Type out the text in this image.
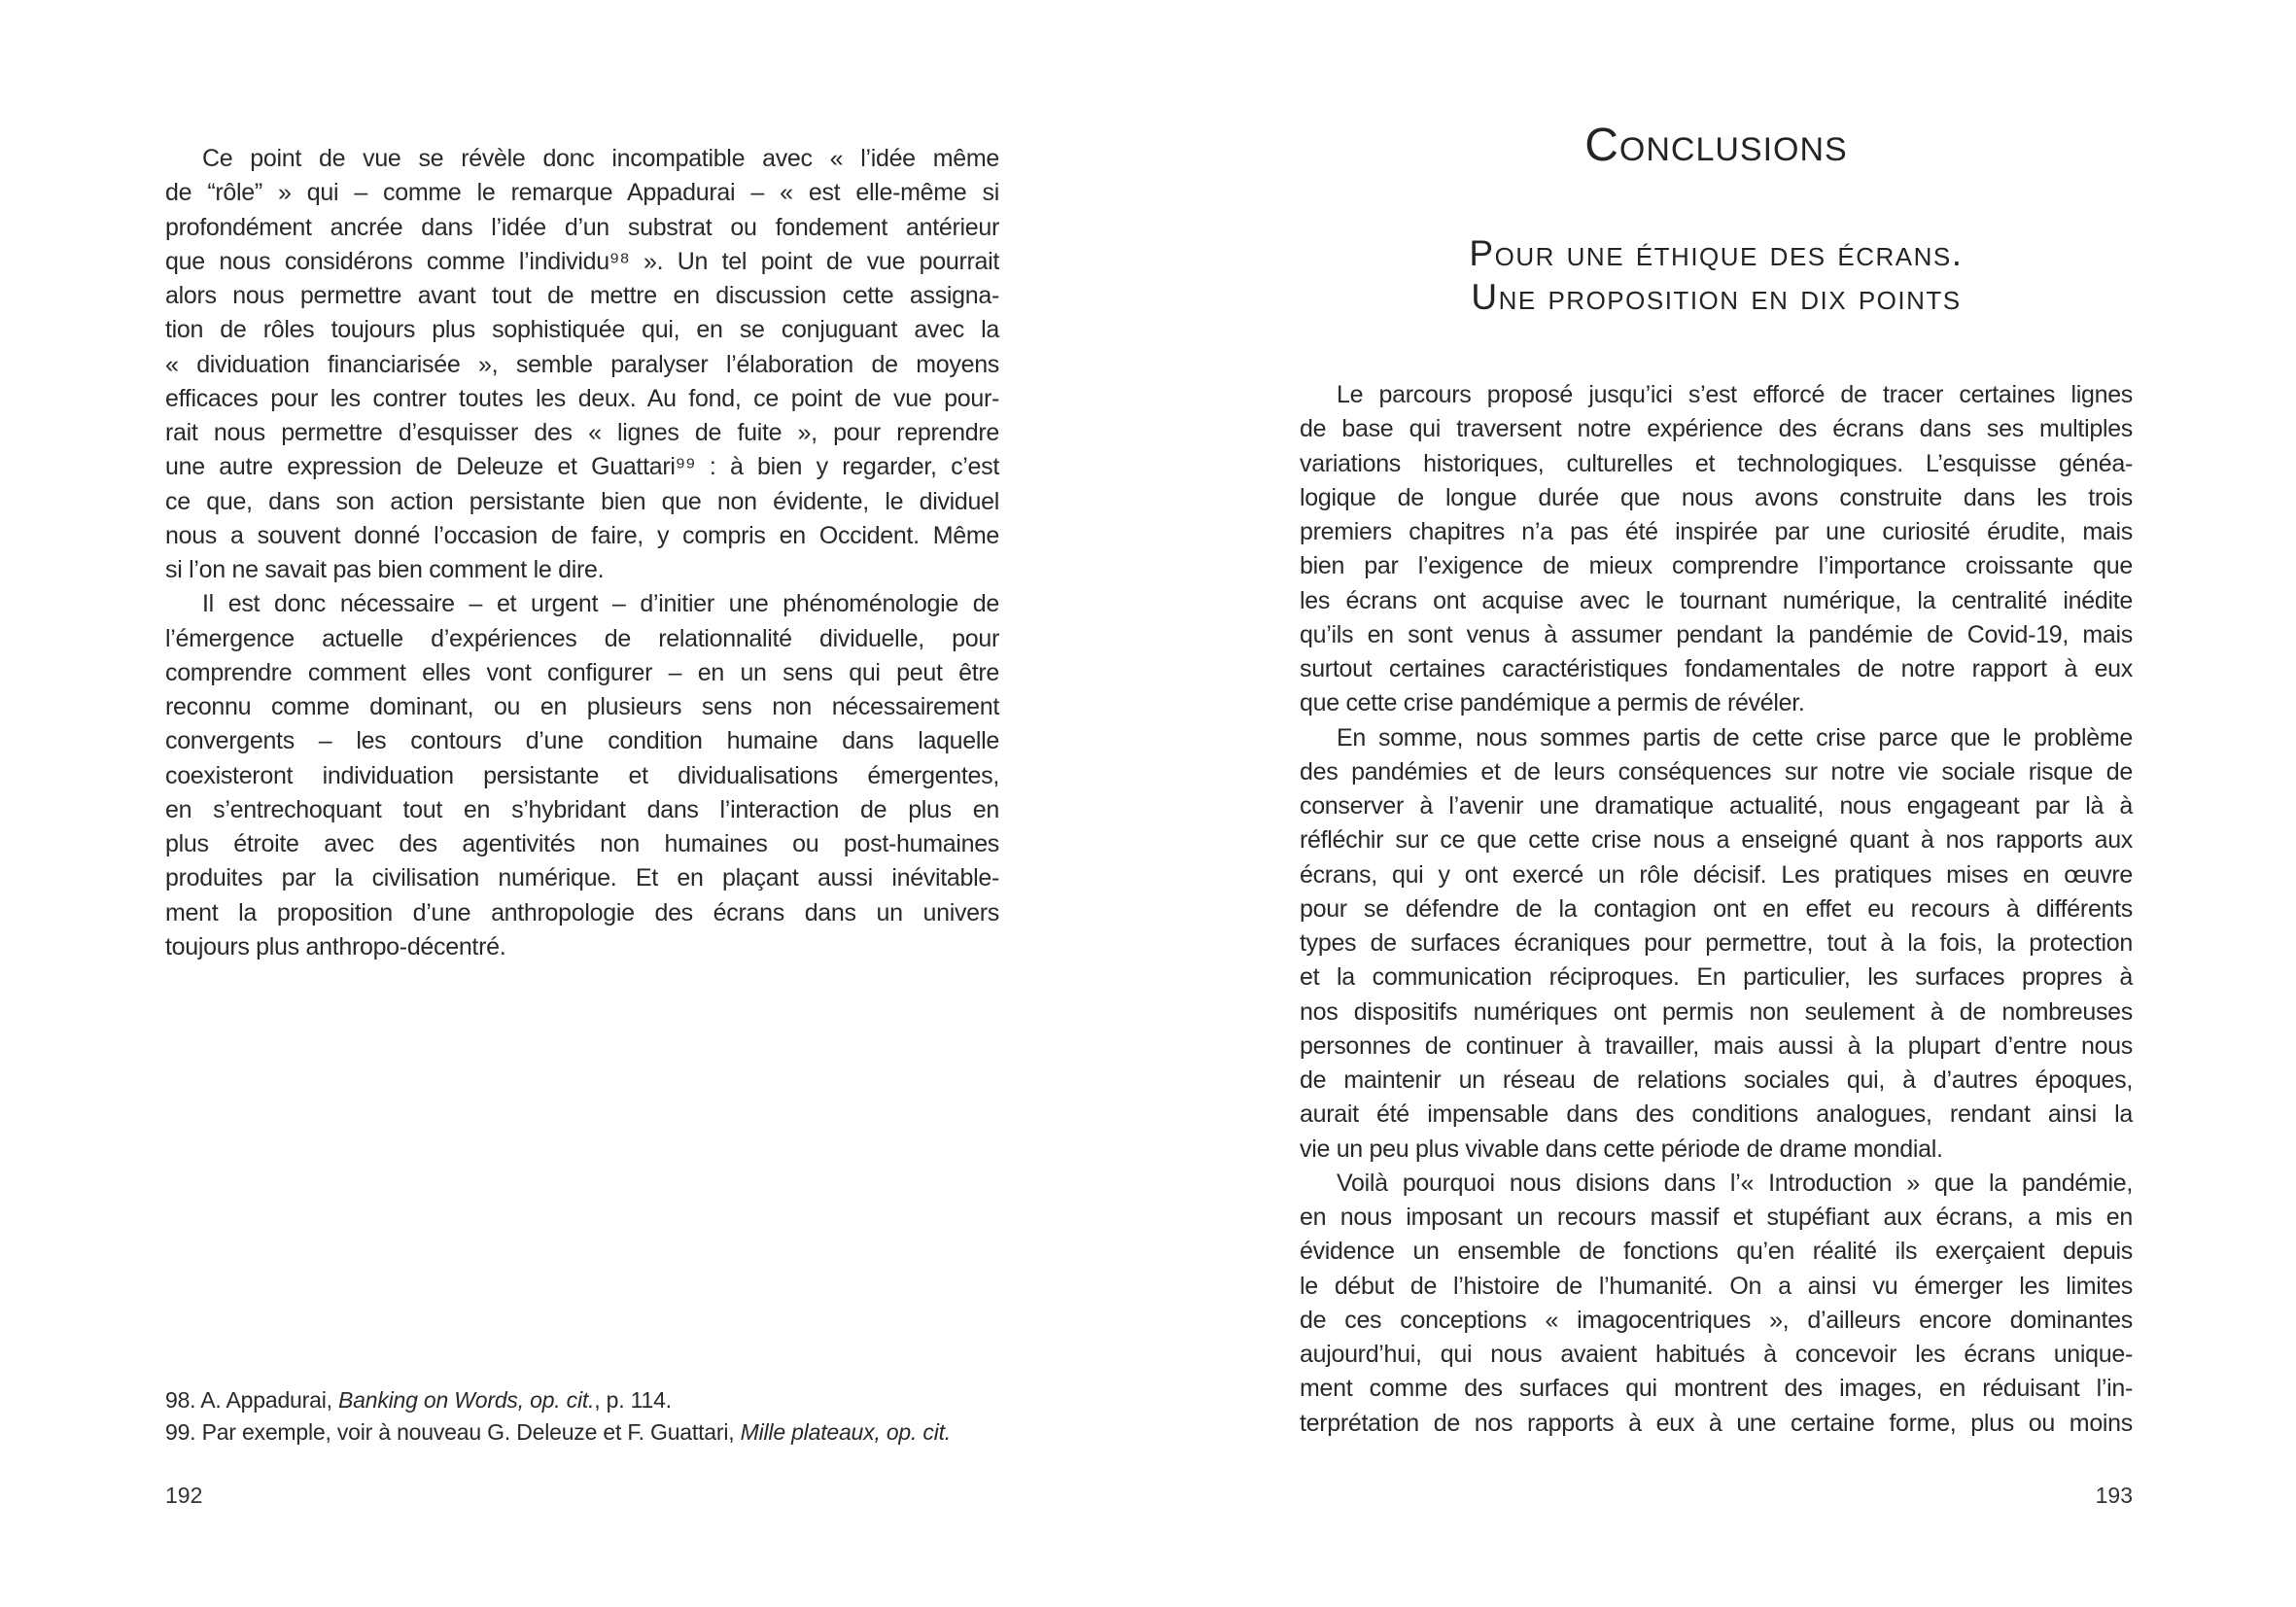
Ce point de vue se révèle donc incompatible avec « l’idée même
de “rôle” » qui – comme le remarque Appadurai – « est elle-même si
profondément ancrée dans l’idée d’un substrat ou fondement antérieur
que nous considérons comme l’individu⁹⁸ ». Un tel point de vue pourrait
alors nous permettre avant tout de mettre en discussion cette assigna-
tion de rôles toujours plus sophistiquée qui, en se conjuguant avec la
« dividuation financiarisée », semble paralyser l’élaboration de moyens
efficaces pour les contrer toutes les deux. Au fond, ce point de vue pour-
rait nous permettre d’esquisser des « lignes de fuite », pour reprendre
une autre expression de Deleuze et Guattari⁹⁹ : à bien y regarder, c’est
ce que, dans son action persistante bien que non évidente, le dividuel
nous a souvent donné l’occasion de faire, y compris en Occident. Même
si l’on ne savait pas bien comment le dire.
Il est donc nécessaire – et urgent – d’initier une phénoménologie de
l’émergence actuelle d’expériences de relationnalité dividuelle, pour
comprendre comment elles vont configurer – en un sens qui peut être
reconnu comme dominant, ou en plusieurs sens non nécessairement
convergents – les contours d’une condition humaine dans laquelle
coexisteront individuation persistante et dividualisations émergentes,
en s’entrechoquant tout en s’hybridant dans l’interaction de plus en
plus étroite avec des agentivités non humaines ou post-humaines
produites par la civilisation numérique. Et en plaçant aussi inévitable-
ment la proposition d’une anthropologie des écrans dans un univers
toujours plus anthropo-décentré.
98. A. Appadurai, Banking on Words, op. cit., p. 114.
99. Par exemple, voir à nouveau G. Deleuze et F. Guattari, Mille plateaux, op. cit.
192
Conclusions
Pour une éthique des écrans.
Une proposition en dix points
Le parcours proposé jusqu’ici s’est efforcé de tracer certaines lignes
de base qui traversent notre expérience des écrans dans ses multiples
variations historiques, culturelles et technologiques. L’esquisse généa-
logique de longue durée que nous avons construite dans les trois
premiers chapitres n’a pas été inspirée par une curiosité érudite, mais
bien par l’exigence de mieux comprendre l’importance croissante que
les écrans ont acquise avec le tournant numérique, la centralité inédite
qu’ils en sont venus à assumer pendant la pandémie de Covid-19, mais
surtout certaines caractéristiques fondamentales de notre rapport à eux
que cette crise pandémique a permis de révéler.
En somme, nous sommes partis de cette crise parce que le problème
des pandémies et de leurs conséquences sur notre vie sociale risque de
conserver à l’avenir une dramatique actualité, nous engageant par là à
réfléchir sur ce que cette crise nous a enseigné quant à nos rapports aux
écrans, qui y ont exercé un rôle décisif. Les pratiques mises en œuvre
pour se défendre de la contagion ont en effet eu recours à différents
types de surfaces écraniques pour permettre, tout à la fois, la protection
et la communication réciproques. En particulier, les surfaces propres à
nos dispositifs numériques ont permis non seulement à de nombreuses
personnes de continuer à travailler, mais aussi à la plupart d’entre nous
de maintenir un réseau de relations sociales qui, à d’autres époques,
aurait été impensable dans des conditions analogues, rendant ainsi la
vie un peu plus vivable dans cette période de drame mondial.
Voilà pourquoi nous disions dans l’« Introduction » que la pandémie,
en nous imposant un recours massif et stupéfiant aux écrans, a mis en
évidence un ensemble de fonctions qu’en réalité ils exerçaient depuis
le début de l’histoire de l’humanité. On a ainsi vu émerger les limites
de ces conceptions « imagocentriques », d’ailleurs encore dominantes
aujourd’hui, qui nous avaient habitués à concevoir les écrans unique-
ment comme des surfaces qui montrent des images, en réduisant l’in-
terprétation de nos rapports à eux à une certaine forme, plus ou moins
193
